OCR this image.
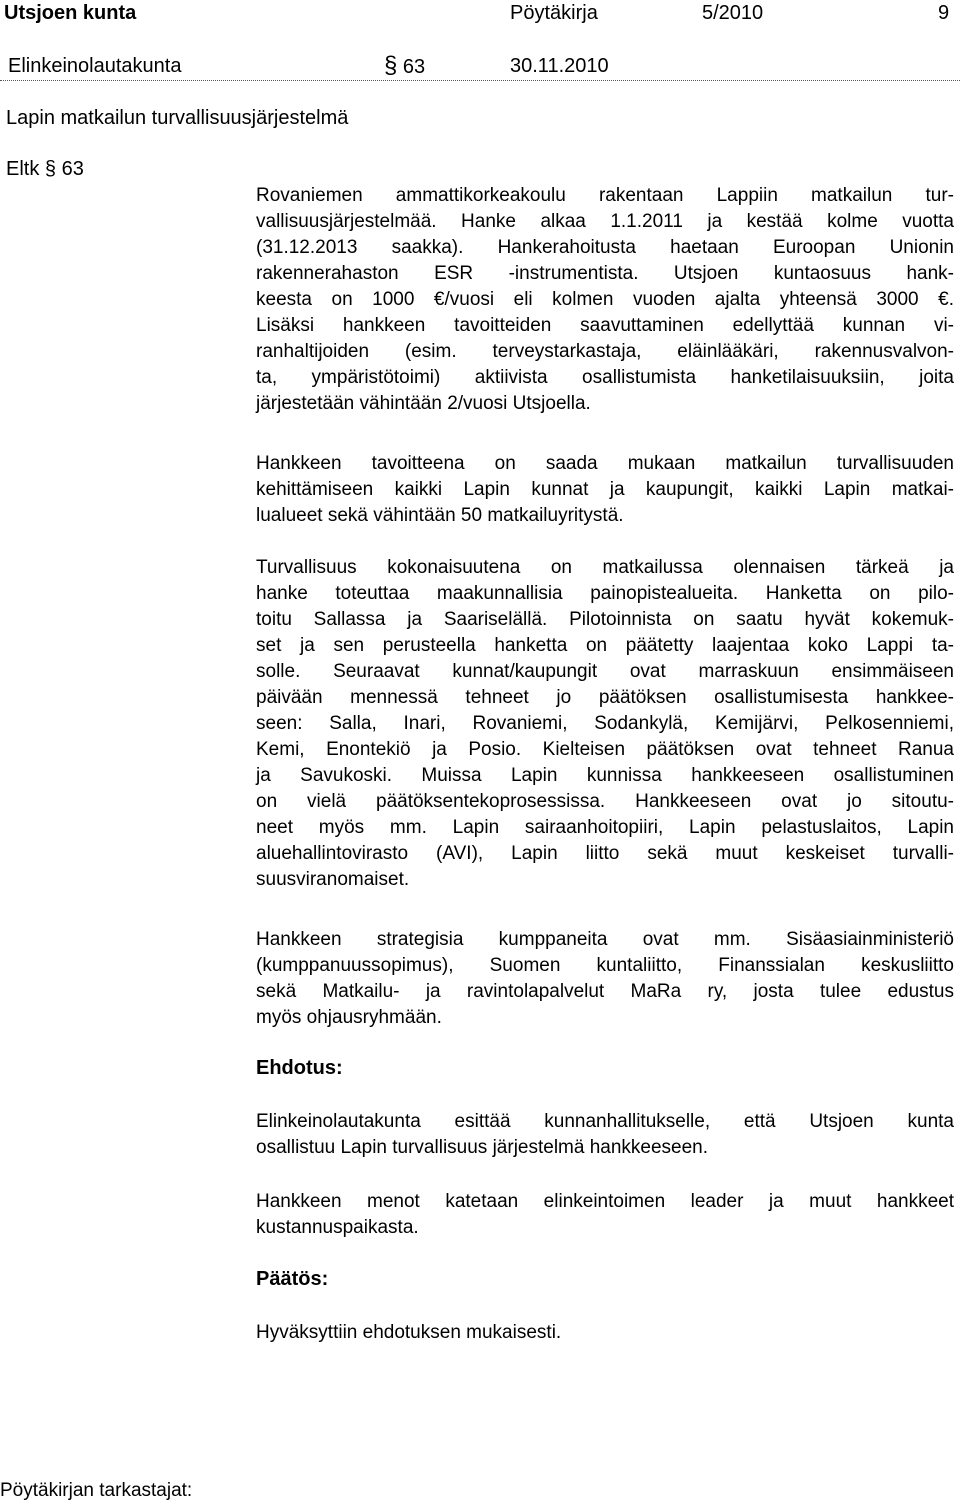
Utsjoen kunta	Pöytäkirja	5/2010	9
Elinkeinolautakunta	§ 63	30.11.2010
Lapin matkailun turvallisuusjärjestelmä
Eltk § 63

Rovaniemen ammattikorkeakoulu rakentaan Lappiin matkailun tur-
vallisuusjärjestelmää. Hanke alkaa 1.1.2011 ja kestää kolme vuotta
(31.12.2013 saakka). Hankerahoitusta haetaan Euroopan Unionin
rakennerahaston ESR -instrumentista. Utsjoen kuntaosuus hank-
keesta on 1000 €/vuosi eli kolmen vuoden ajalta yhteensä 3000 €.
Lisäksi hankkeen tavoitteiden saavuttaminen edellyttää kunnan vi-
ranhaltijoiden (esim. terveystarkastaja, eläinlääkäri, rakennusvalvon-
ta, ympäristötoimi) aktiivista osallistumista hanketilaisuuksiin, joita
järjestetään vähintään 2/vuosi Utsjoella.

Hankkeen tavoitteena on saada mukaan matkailun turvallisuuden
kehittämiseen kaikki Lapin kunnat ja kaupungit, kaikki Lapin matkai-
lualueet sekä vähintään 50 matkailuyritystä.

Turvallisuus kokonaisuutena on matkailussa olennaisen tärkeä ja
hanke toteuttaa maakunnallisia painopistealueita. Hanketta on pilo-
toitu Sallassa ja Saariselällä. Pilotoinnista on saatu hyvät kokemuk-
set ja sen perusteella hanketta on päätetty laajentaa koko Lappi ta-
solle. Seuraavat kunnat/kaupungit ovat marraskuun ensimmäiseen
päivään mennessä tehneet jo päätöksen osallistumisesta hankkee-
seen: Salla, Inari, Rovaniemi, Sodankylä, Kemijärvi, Pelkosenniemi,
Kemi, Enontekiö ja Posio. Kielteisen päätöksen ovat tehneet Ranua
ja Savukoski. Muissa Lapin kunnissa hankkeeseen osallistuminen
on vielä päätöksentekoprosessissa. Hankkeeseen ovat jo sitoutu-
neet myös mm. Lapin sairaanhoitopiiri, Lapin pelastuslaitos, Lapin
aluehallintovirasto (AVI), Lapin liitto sekä muut keskeiset turvalli-
suusviranomaiset.

Hankkeen strategisia kumppaneita ovat mm. Sisäasiainministeriö
(kumppanuussopimus), Suomen kuntaliitto, Finanssialan keskusliitto
sekä Matkailu- ja ravintolapalvelut MaRa ry, josta tulee edustus
myös ohjausryhmään.

Ehdotus:

Elinkeinolautakunta esittää kunnanhallitukselle, että Utsjoen kunta
osallistuu Lapin turvallisuus järjestelmä hankkeeseen.

Hankkeen menot katetaan elinkeintoimen leader ja muut hankkeet
kustannuspaikasta.

Päätös:
Hyväksyttiin ehdotuksen mukaisesti.
Pöytäkirjan tarkastajat:
